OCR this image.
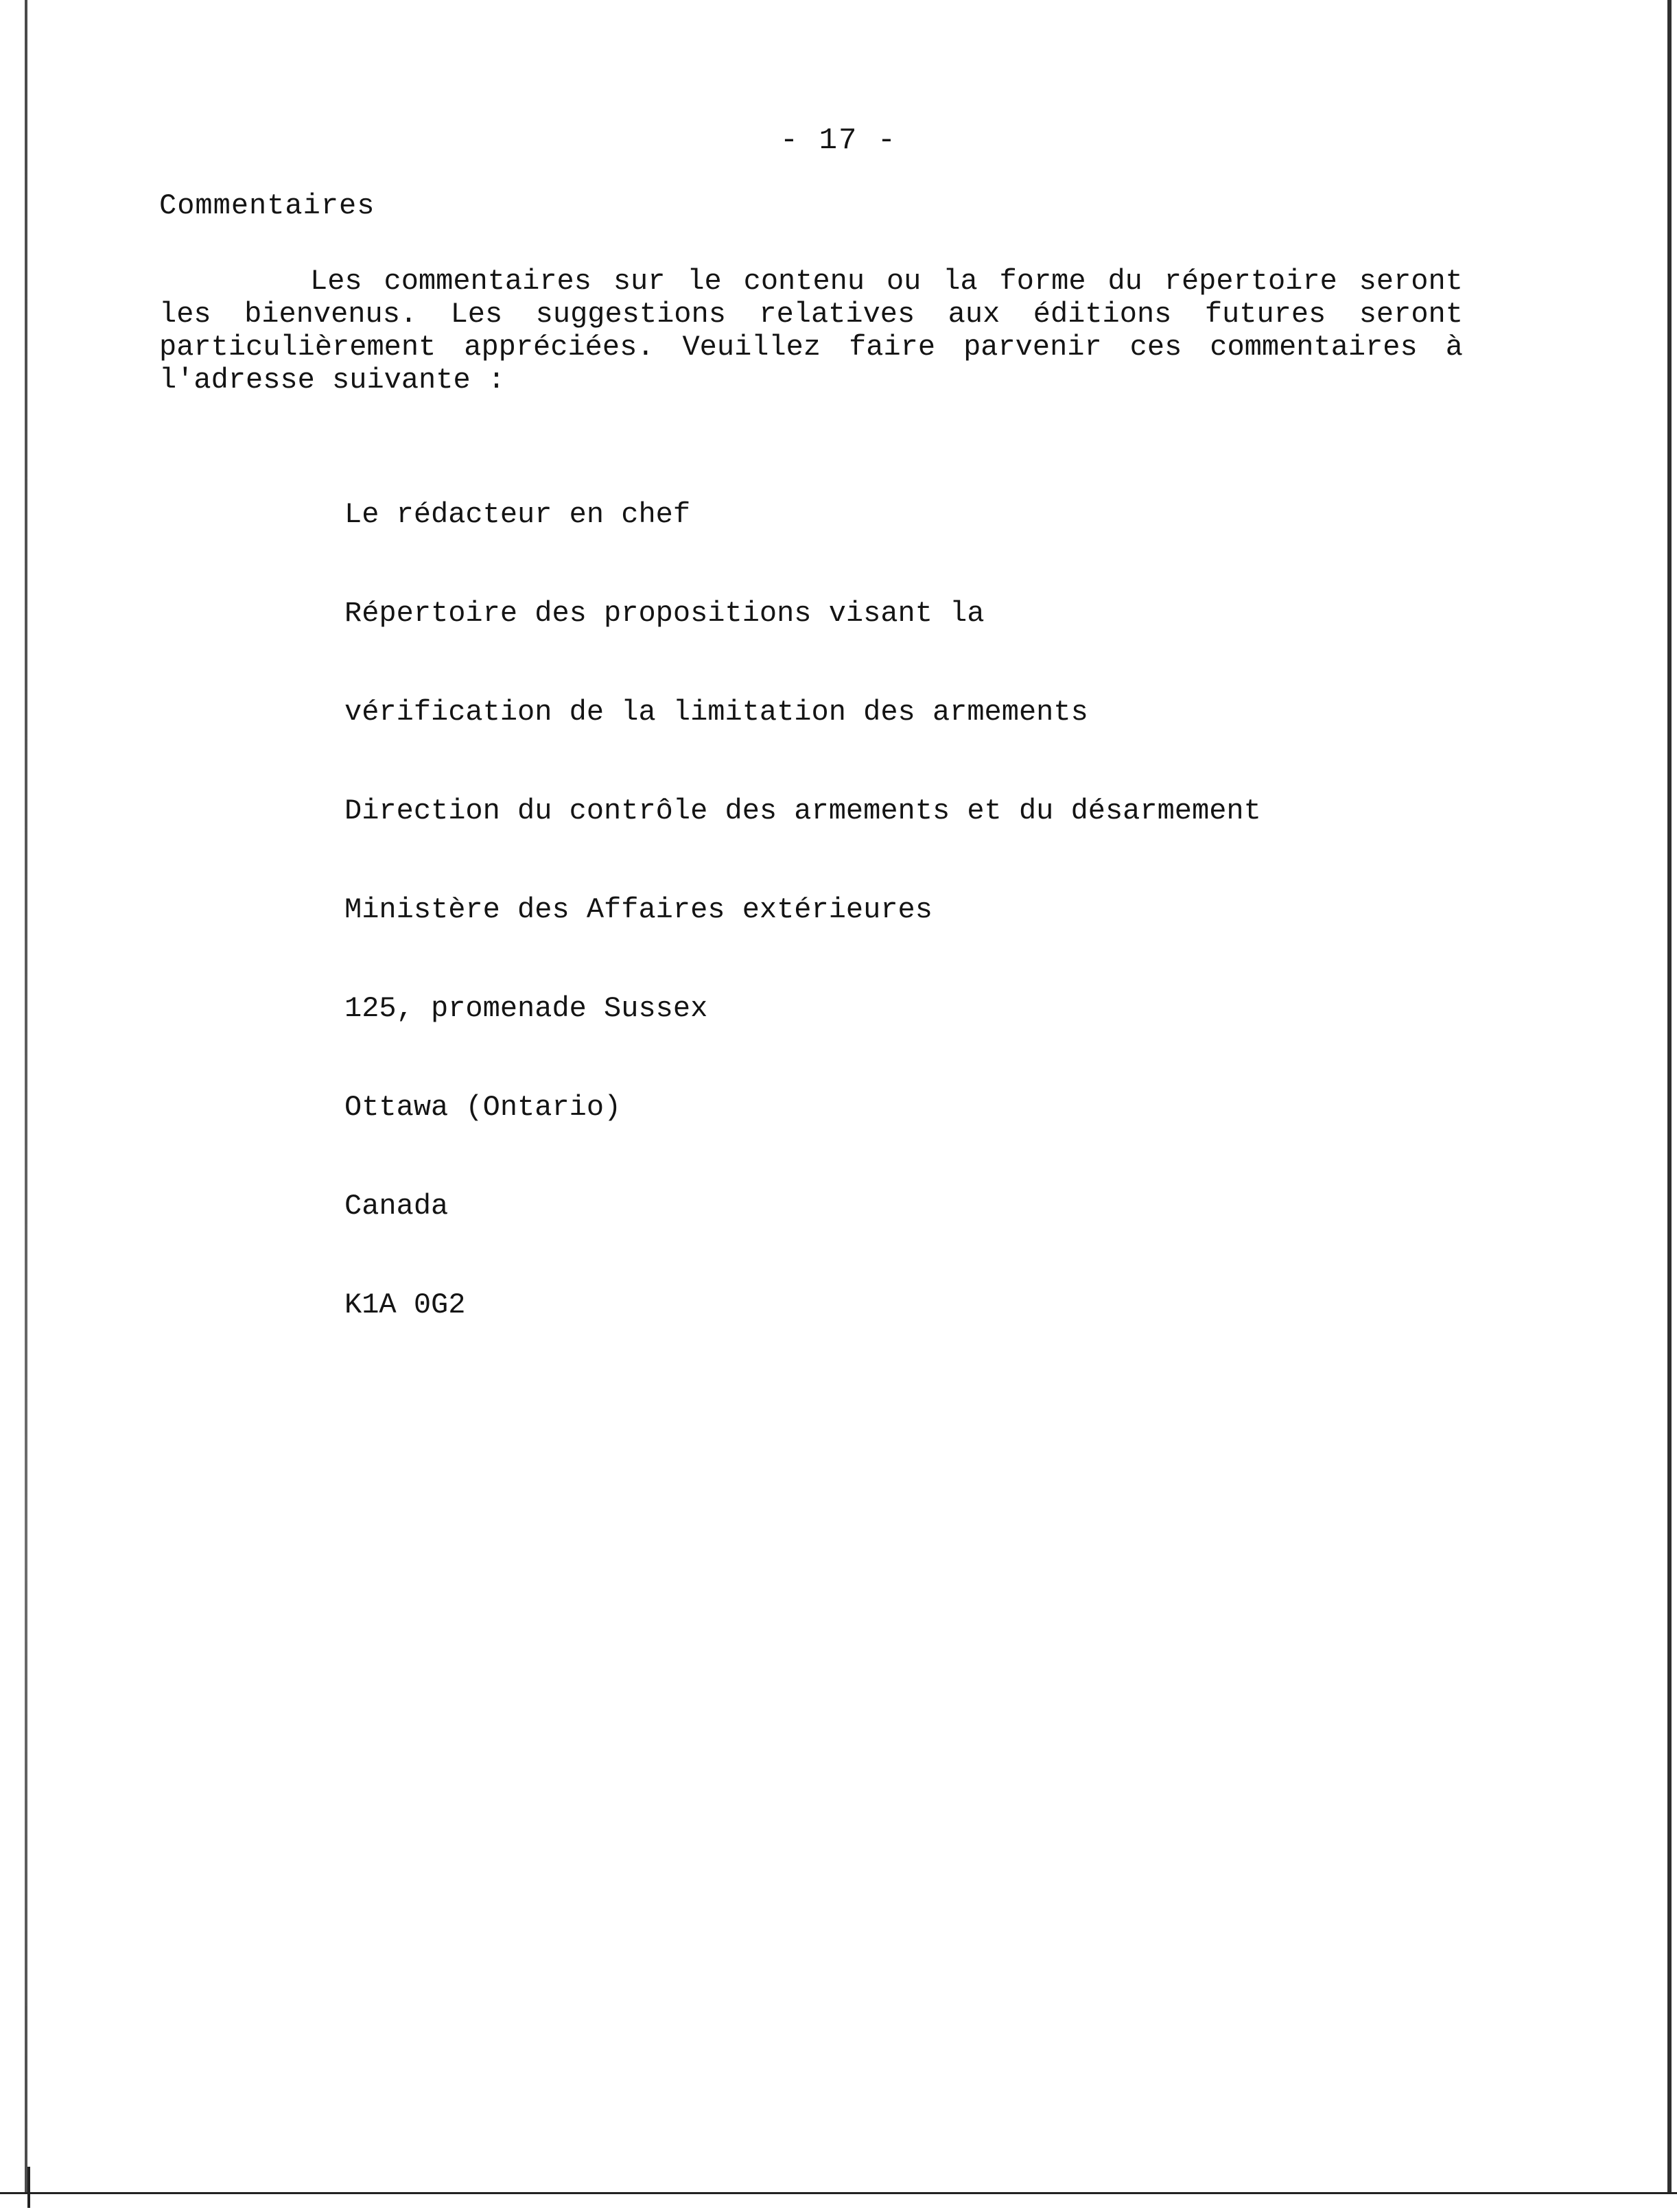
- 17 -
Commentaires
Les commentaires sur le contenu ou la forme du répertoire seront
les bienvenus. Les suggestions relatives aux éditions futures seront
particulièrement appréciées. Veuillez faire parvenir ces commentaires à
l'adresse suivante :

Le rédacteur en chef

Répertoire des propositions visant la

vérification de la limitation des armements

Direction du contrôle des armements et du désarmement

Ministère des Affaires extérieures

125, promenade Sussex

Ottawa (Ontario)

Canada

K1A 0G2
